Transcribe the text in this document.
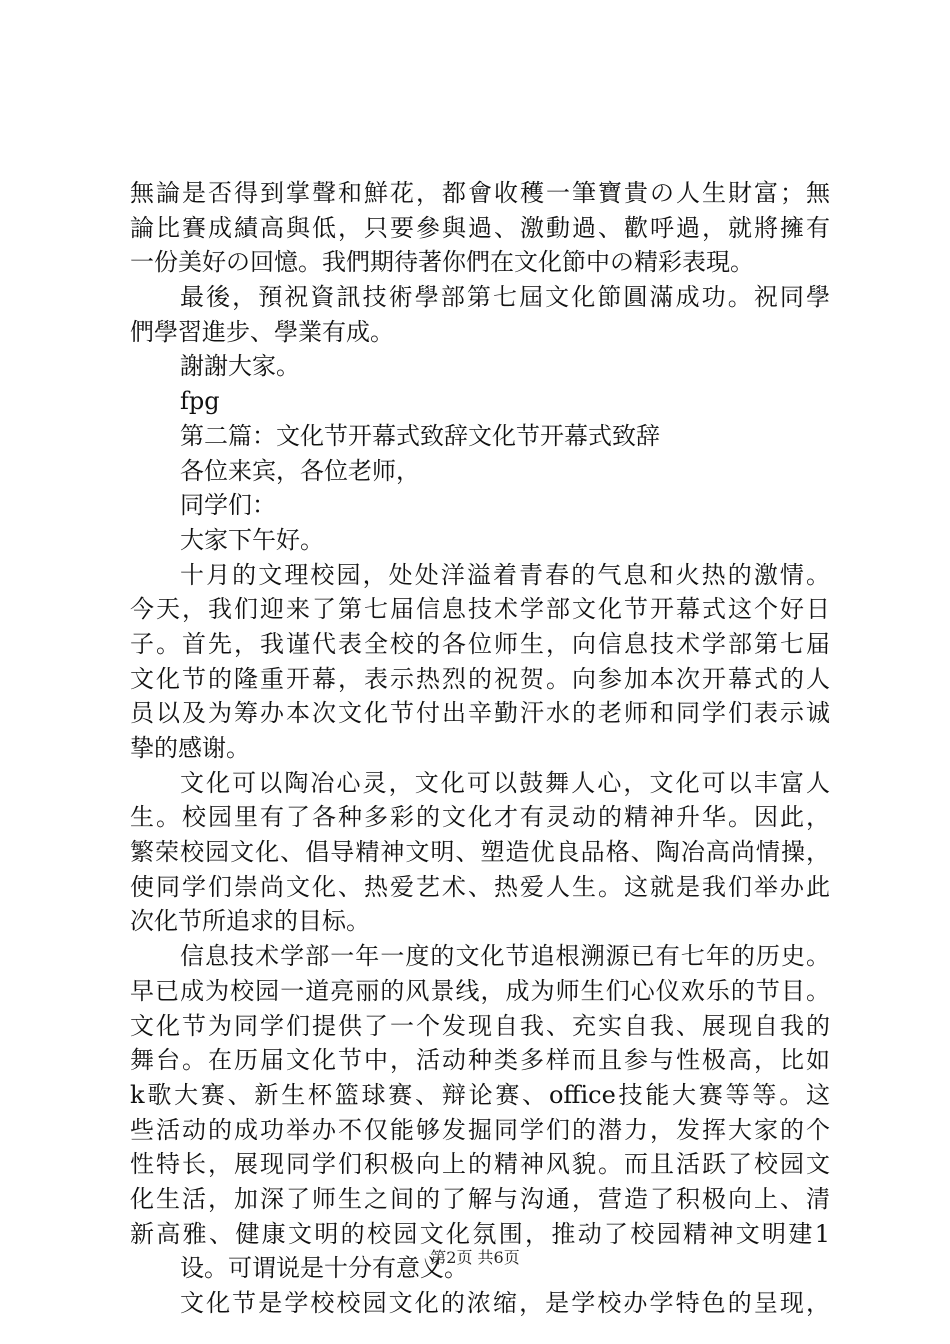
無論是否得到掌聲和鮮花，都會收穫一筆寶貴の人生財富；無
論比賽成績高與低，只要參與過、激動過、歡呼過，就將擁有
一份美好の回憶。我們期待著你們在文化節中の精彩表現。
最後，預祝資訊技術學部第七屆文化節圓滿成功。祝同學
們學習進步、學業有成。
謝謝大家。
fpg
第二篇：文化节开幕式致辞文化节开幕式致辞
各位来宾，各位老师，
同学们：
大家下午好。
十月的文理校园，处处洋溢着青春的气息和火热的激情。
今天，我们迎来了第七届信息技术学部文化节开幕式这个好日
子。首先，我谨代表全校的各位师生，向信息技术学部第七届
文化节的隆重开幕，表示热烈的祝贺。向参加本次开幕式的人
员以及为筹办本次文化节付出辛勤汗水的老师和同学们表示诚
挚的感谢。
文化可以陶冶心灵，文化可以鼓舞人心，文化可以丰富人
生。校园里有了各种多彩的文化才有灵动的精神升华。因此，
繁荣校园文化、倡导精神文明、塑造优良品格、陶冶高尚情操，
使同学们崇尚文化、热爱艺术、热爱人生。这就是我们举办此
次化节所追求的目标。
信息技术学部一年一度的文化节追根溯源已有七年的历史。
早已成为校园一道亮丽的风景线，成为师生们心仪欢乐的节目。
文化节为同学们提供了一个发现自我、充实自我、展现自我的
舞台。在历届文化节中，活动种类多样而且参与性极高，比如
k歌大赛、新生杯篮球赛、辩论赛、office技能大赛等等。这
些活动的成功举办不仅能够发掘同学们的潜力，发挥大家的个
性特长，展现同学们积极向上的精神风貌。而且活跃了校园文
化生活，加深了师生之间的了解与沟通，营造了积极向上、清
新高雅、健康文明的校园文化氛围，推动了校园精神文明建1
设。可谓说是十分有意义。
文化节是学校校园文化的浓缩，是学校办学特色的呈现，
第2页 共6页
